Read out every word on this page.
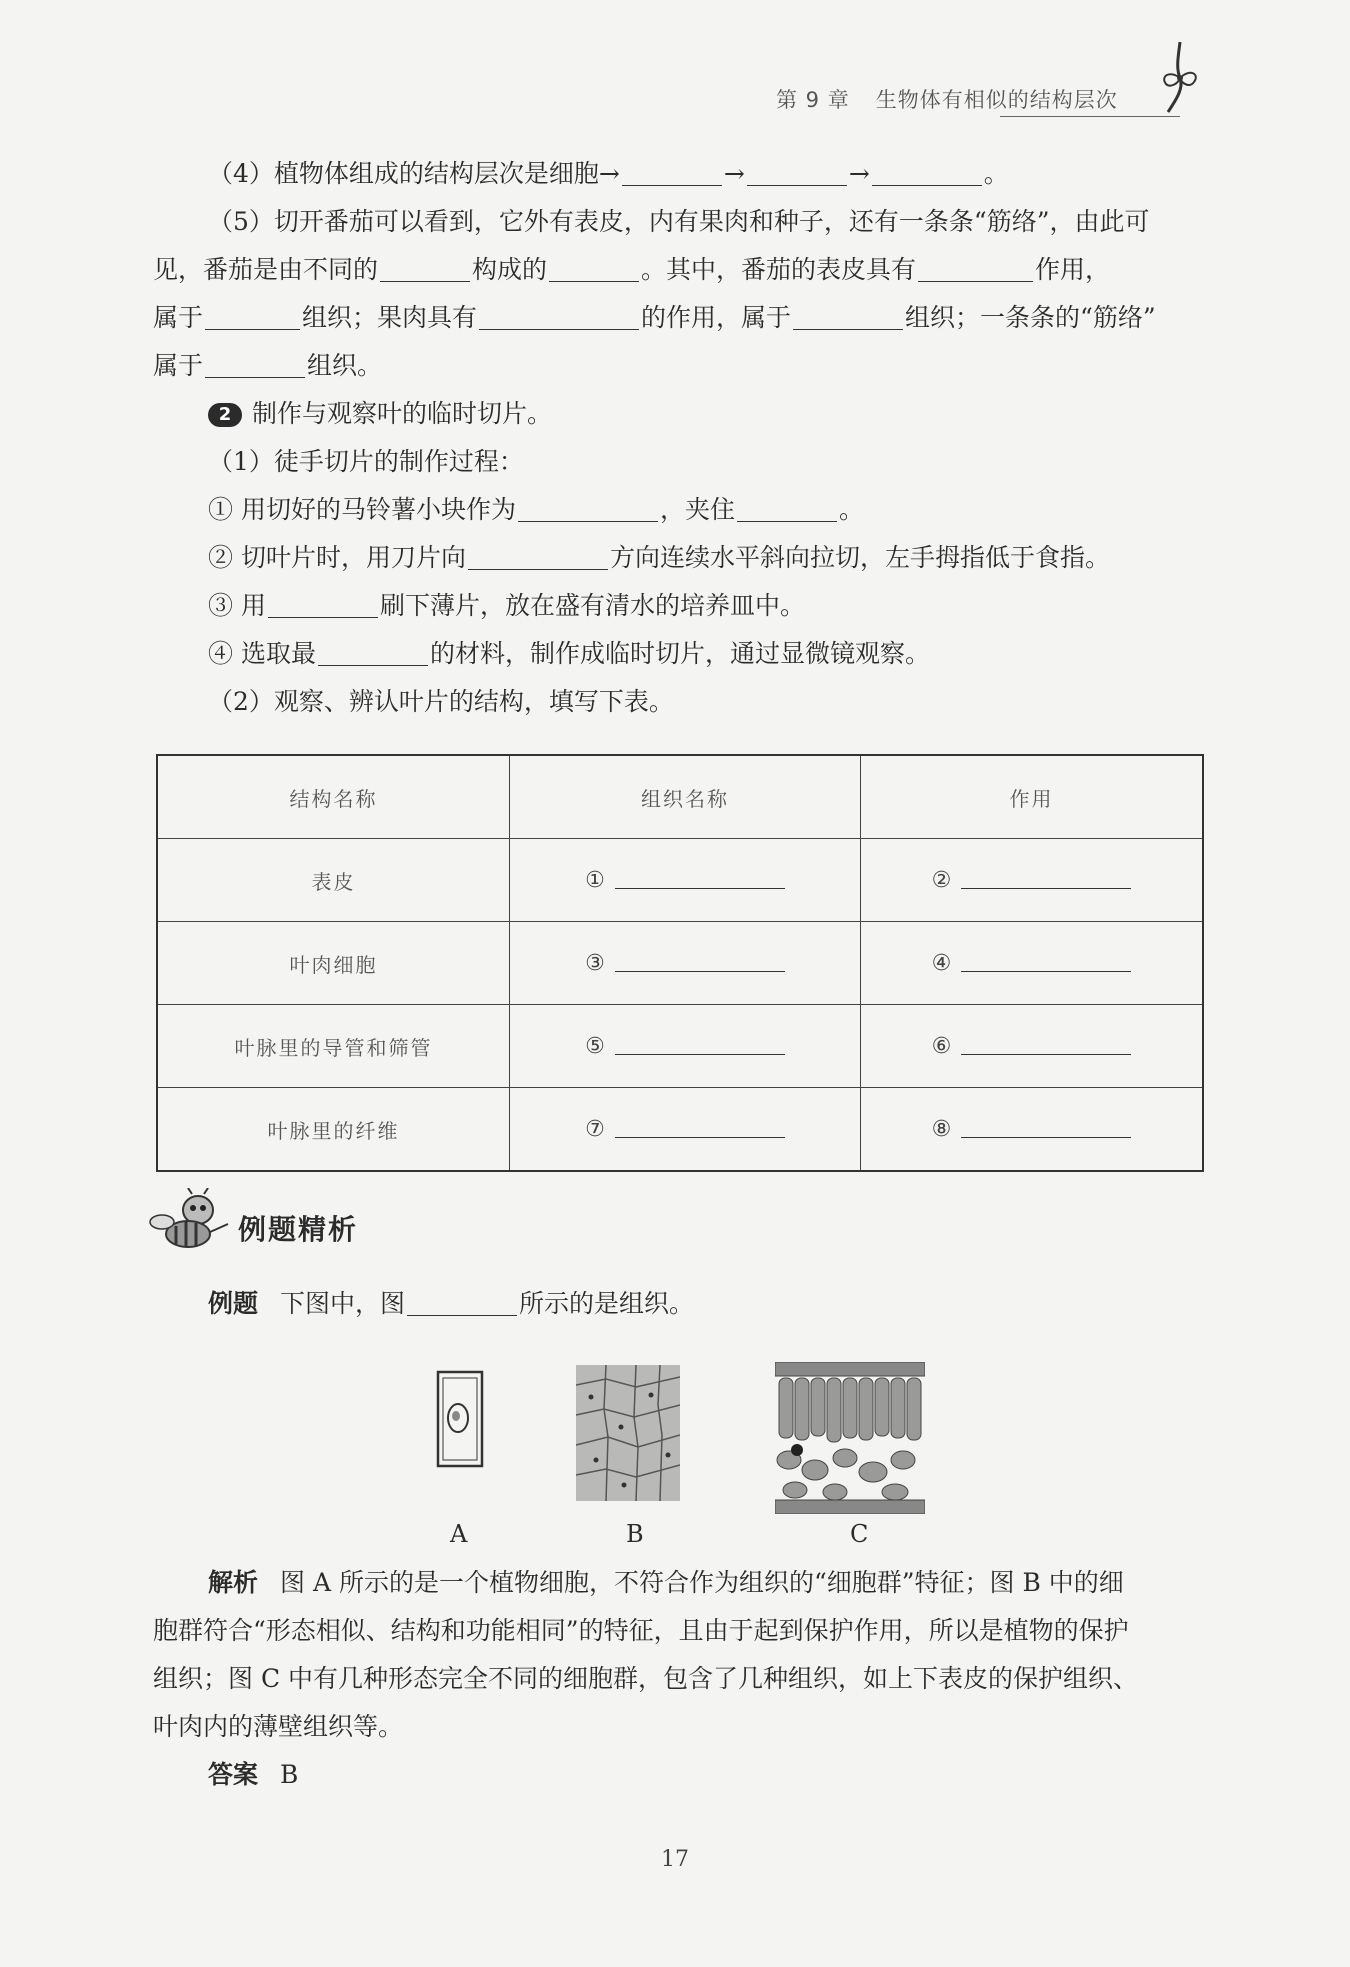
第 9 章 生物体有相似的结构层次

（4）植物体组成的结构层次是细胞→	→	→	。

（5）切开番茄可以看到，它外有表皮，内有果肉和种子，还有一条条“筋络”，由此可

见，番茄是由不同的	构成的	。其中，番茄的表皮具有	作用，

属于	组织；果肉具有	的作用，属于	组织；一条条的“筋络”

属于	组织。

2 制作与观察叶的临时切片。

（1）徒手切片的制作过程：

① 用切好的马铃薯小块作为	，夹住	。

② 切叶片时，用刀片向	方向连续水平斜向拉切，左手拇指低于食指。

③ 用	刷下薄片，放在盛有清水的培养皿中。

④ 选取最	的材料，制作成临时切片，通过显微镜观察。

（2）观察、辨认叶片的结构，填写下表。

结构名称	组织名称	作用
表皮	①	②
叶肉细胞	③	④
叶脉里的导管和筛管	⑤	⑥
叶脉里的纤维	⑦	⑧
例题精析

例题 下图中，图	所示的是组织。

A	B	C

解析 图 A 所示的是一个植物细胞，不符合作为组织的“细胞群”特征；图 B 中的细

胞群符合“形态相似、结构和功能相同”的特征，且由于起到保护作用，所以是植物的保护

组织；图 C 中有几种形态完全不同的细胞群，包含了几种组织，如上下表皮的保护组织、

叶肉内的薄壁组织等。

答案 B

17
